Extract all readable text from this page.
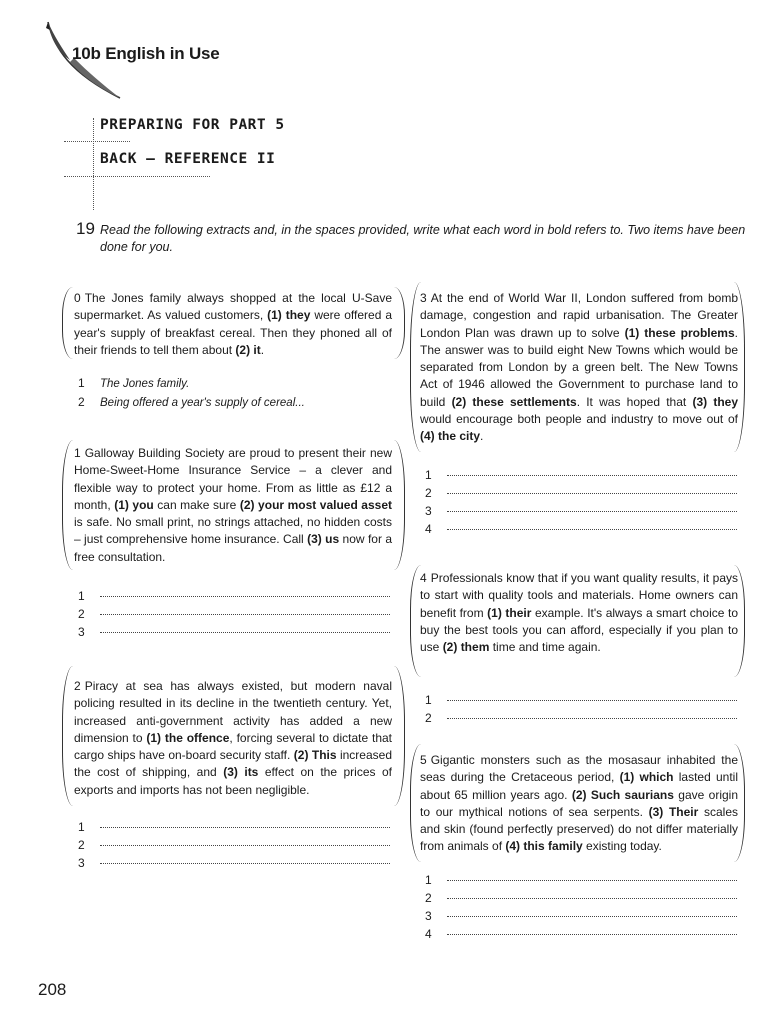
10b English in Use
PREPARING FOR PART 5
BACK – REFERENCE II
19 Read the following extracts and, in the spaces provided, write what each word in bold refers to. Two items have been done for you.
0 The Jones family always shopped at the local U-Save supermarket. As valued customers, (1) they were offered a year's supply of breakfast cereal. Then they phoned all of their friends to tell them about (2) it.
1 The Jones family.
2 Being offered a year's supply of cereal...
1 Galloway Building Society are proud to present their new Home-Sweet-Home Insurance Service – a clever and flexible way to protect your home. From as little as £12 a month, (1) you can make sure (2) your most valued asset is safe. No small print, no strings attached, no hidden costs – just comprehensive home insurance. Call (3) us now for a free consultation.
1
2
3
2 Piracy at sea has always existed, but modern naval policing resulted in its decline in the twentieth century. Yet, increased anti-government activity has added a new dimension to (1) the offence, forcing several to dictate that cargo ships have on-board security staff. (2) This increased the cost of shipping, and (3) its effect on the prices of exports and imports has not been negligible.
1
2
3
3 At the end of World War II, London suffered from bomb damage, congestion and rapid urbanisation. The Greater London Plan was drawn up to solve (1) these problems. The answer was to build eight New Towns which would be separated from London by a green belt. The New Towns Act of 1946 allowed the Government to purchase land to build (2) these settlements. It was hoped that (3) they would encourage both people and industry to move out of (4) the city.
1
2
3
4
4 Professionals know that if you want quality results, it pays to start with quality tools and materials. Home owners can benefit from (1) their example. It's always a smart choice to buy the best tools you can afford, especially if you plan to use (2) them time and time again.
1
2
5 Gigantic monsters such as the mosasaur inhabited the seas during the Cretaceous period, (1) which lasted until about 65 million years ago. (2) Such saurians gave origin to our mythical notions of sea serpents. (3) Their scales and skin (found perfectly preserved) do not differ materially from animals of (4) this family existing today.
1
2
3
4
208
